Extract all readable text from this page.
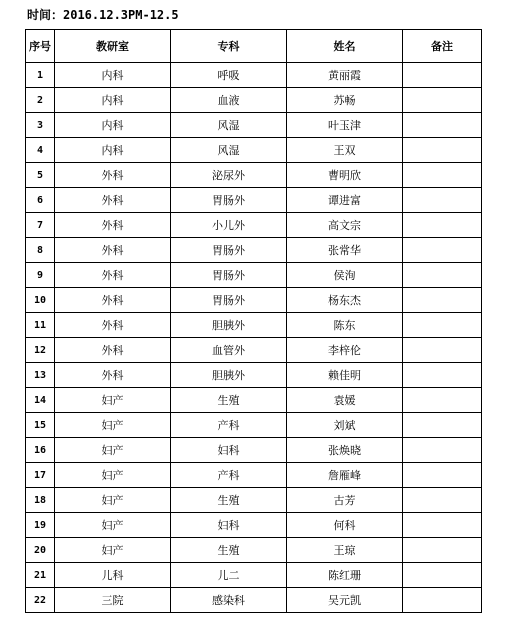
时间：2016.12.3PM-12.5
序号	教研室	专科	姓名	备注
1	内科	呼吸	黄丽霞	
2	内科	血液	苏畅	
3	内科	风湿	叶玉津	
4	内科	风湿	王双	
5	外科	泌尿外	曹明欣	
6	外科	胃肠外	谭进富	
7	外科	小儿外	高文宗	
8	外科	胃肠外	张常华	
9	外科	胃肠外	侯洵	
10	外科	胃肠外	杨东杰	
11	外科	胆胰外	陈东	
12	外科	血管外	李梓伦	
13	外科	胆胰外	赖佳明	
14	妇产	生殖	袁媛	
15	妇产	产科	刘斌	
16	妇产	妇科	张焕晓	
17	妇产	产科	詹雁峰	
18	妇产	生殖	古芳	
19	妇产	妇科	何科	
20	妇产	生殖	王琼	
21	儿科	儿二	陈红珊	
22	三院	感染科	吴元凯	
